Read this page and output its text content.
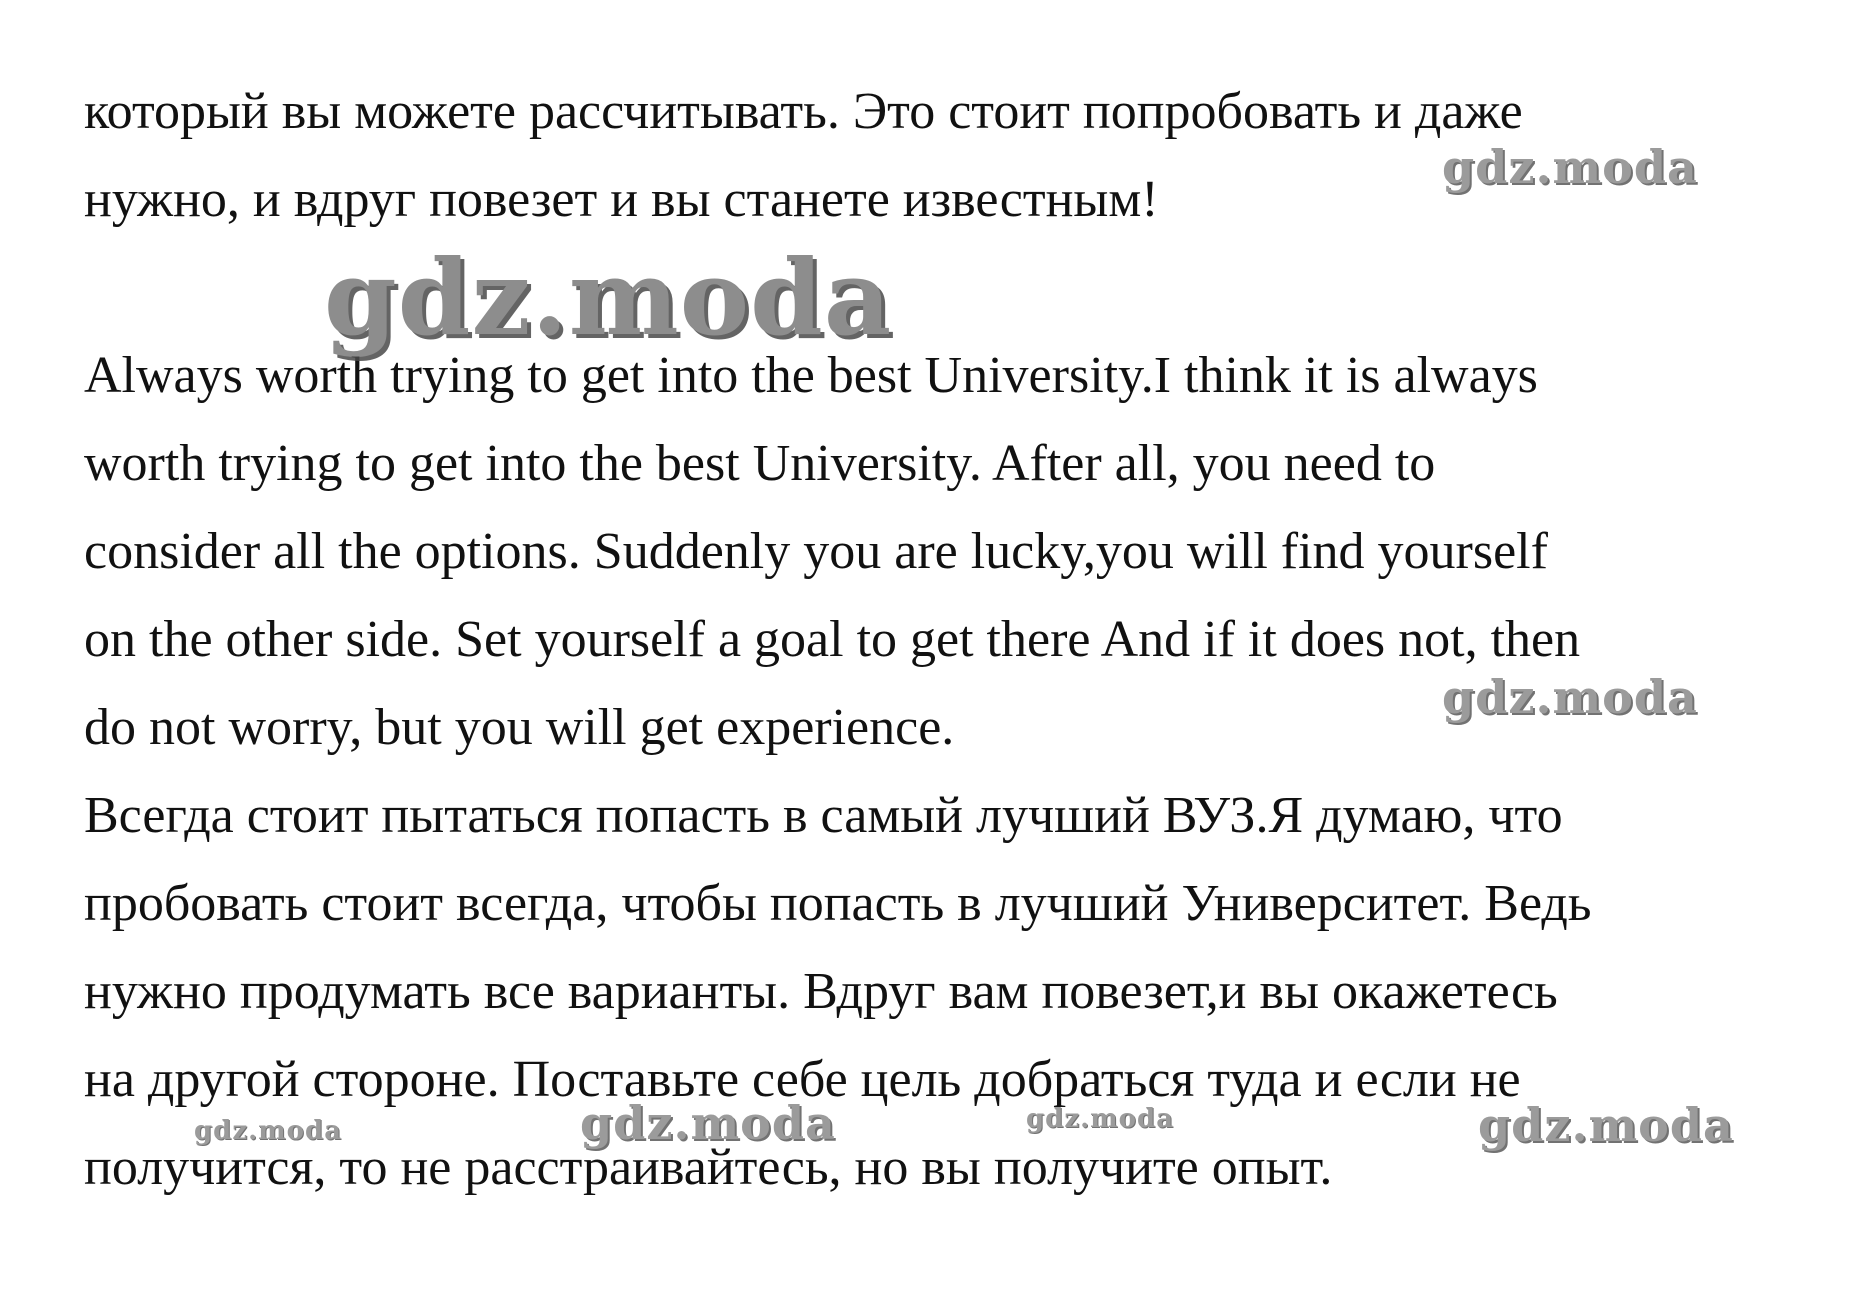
который вы можете рассчитывать. Это стоит попробовать и даже
нужно, и вдруг повезет и вы станете известным!
Always worth trying to get into the best University.I think it is always
worth trying to get into the best University. After all, you need to
consider all the options. Suddenly you are lucky,you will find yourself
on the other side. Set yourself a goal to get there And if it does not, then
do not worry, but you will get experience.
Всегда стоит пытаться попасть в самый лучший ВУЗ.Я думаю, что
пробовать стоит всегда, чтобы попасть в лучший Университет. Ведь
нужно продумать все варианты. Вдруг вам повезет,и вы окажетесь
на другой стороне. Поставьте себе цель добраться туда и если не
получится, то не расстраивайтесь, но вы получите опыт.
gdz.moda
gdz.moda
gdz.moda
gdz.moda	gdz.moda	gdz.moda	gdz.moda
